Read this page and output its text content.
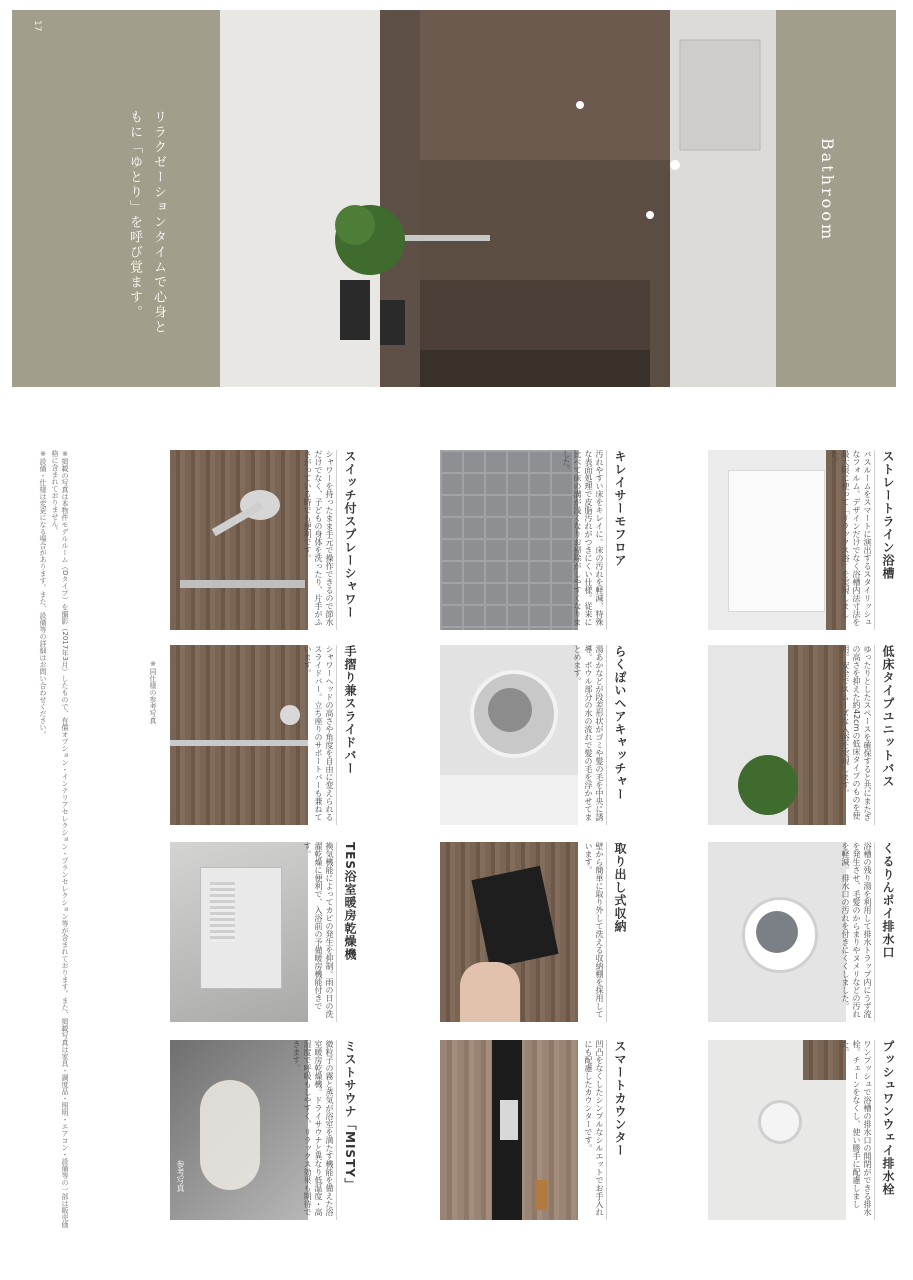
17
リラクゼーションタイムで心身ともに「ゆとり」を呼び覚ます。	Bathroom
バスルームをスマートに演出するスタイリッシュなフォルム。デザインだけでなく浴槽内法寸法を最大限に使って「リラックス浴」を実現しました。	ストレートライン浴槽
ゆったりとしたスペースを確保すると共にまたぎの高さを抑えた約42cmの低床タイプのものを使用。安全でスムーズな入浴を実現します。	低床タイプユニットバス
浴槽の残り湯を利用して排水トラップ内にうず流を発生させ、毛髪のからまりやヌメリなどの汚れを軽減。排水口の汚れを付きにくくしました。	くるりんポイ排水口
ワンプッシュで浴槽の排水口の開閉ができる排水栓。チェーンをなくし、使い勝手に配慮しました。	プッシュワンウェイ排水栓
汚れやすい床をキレイに。床の汚れを軽減、特殊な表面処理で皮脂汚れがつきにくい仕様。従来に比べて床の溝が浅くなりお掃除がしやすくなりました。	キレイサーモフロア
湯あかなどが段差形状がゴミや髪の毛を中央に誘導。ボウル部分の水の流れで髪の毛を浮かせてまとめます。	らくぽいヘアキャッチャー
壁から簡単に取り外して洗える収納棚を採用しています。	取り出し式収納
凹凸をなくしたシンプルなシルエットでお手入れにも配慮したカウンターです。	スマートカウンター
シャワーを持ったまま手元で操作できるので節水だけでなく、子どもの身体を洗ったり、片手がふさがっている時でも便利です。	スイッチ付スプレーシャワー
シャワーヘッドの高さや角度を自由に変えられるスライドバー。立ち座りのサポートバーも兼ねています。	手摺り兼スライドバー
換気機能によってカビの発生を抑制。雨の日の洗濯乾燥に便利で、入浴前の予備暖房機能付きです。	TES浴室暖房乾燥機
参考写真	微粒子の霧と蒸気が浴室を満たす機能を備えた浴室暖房乾燥機。ドライサウナと異なり低温度・高湿度で呼吸もしやすく、リラックス効果も期待できます。	ミストサウナ「MISTY」
※掲載の写真は本物件モデルルーム（Dタイプ）を撮影（2017年3月）したもので、有償オプション・インテリアセレクション・プランセレクション等が含まれております。また、掲載写真は家具・調度品・照明・エアコン・設備等の一部は販売価格に含まれておりません。
※設備・仕様は変更になる場合があります。また、設備等の詳細はお問い合わせください。	※同仕様の参考写真
